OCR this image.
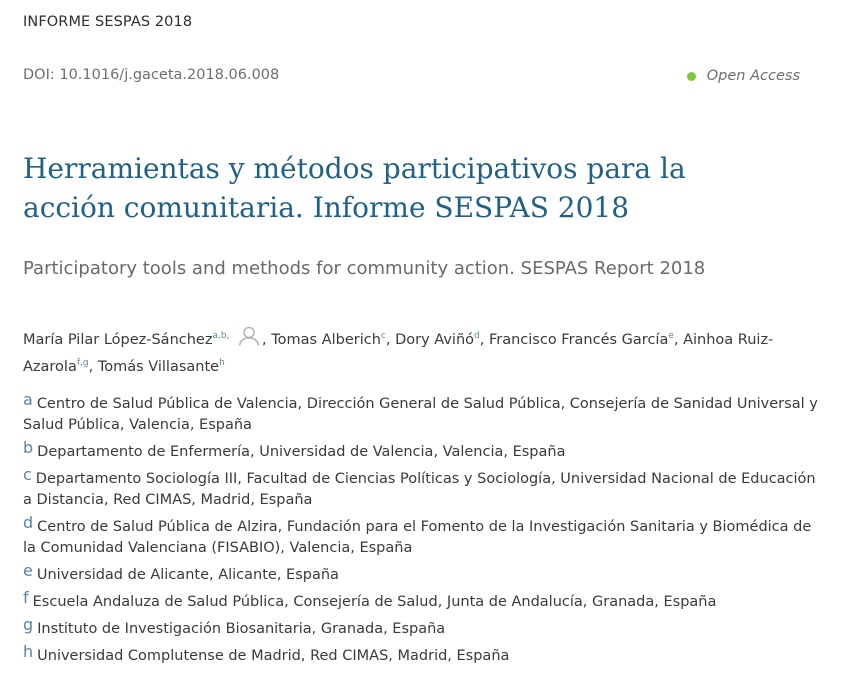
INFORME SESPAS 2018
DOI: 10.1016/j.gaceta.2018.06.008	Open Access
Herramientas y métodos participativos para la acción comunitaria. Informe SESPAS 2018
Participatory tools and methods for community action. SESPAS Report 2018
María Pilar López-Sánchez$^{a,b,}$ , Tomas Alberich$^c$, Dory Aviñó$^d$, Francisco Francés García$^e$, Ainhoa Ruiz-Azarola$^{f,g}$, Tomás Villasante$^h$
a Centro de Salud Pública de Valencia, Dirección General de Salud Pública, Consejería de Sanidad Universal y Salud Pública, Valencia, España
b Departamento de Enfermería, Universidad de Valencia, Valencia, España
c Departamento Sociología III, Facultad de Ciencias Políticas y Sociología, Universidad Nacional de Educación a Distancia, Red CIMAS, Madrid, España
d Centro de Salud Pública de Alzira, Fundación para el Fomento de la Investigación Sanitaria y Biomédica de la Comunidad Valenciana (FISABIO), Valencia, España
e Universidad de Alicante, Alicante, España
f Escuela Andaluza de Salud Pública, Consejería de Salud, Junta de Andalucía, Granada, España
g Instituto de Investigación Biosanitaria, Granada, España
h Universidad Complutense de Madrid, Red CIMAS, Madrid, España
